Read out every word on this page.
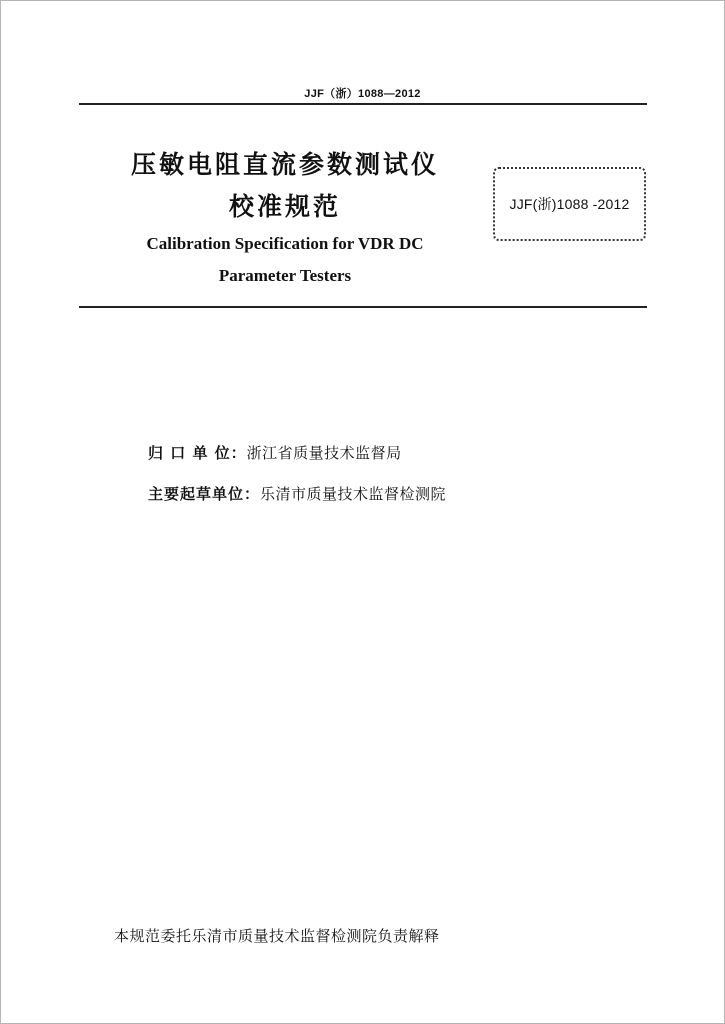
JJF（浙）1088—2012
压敏电阻直流参数测试仪
校准规范
Calibration Specification for VDR DC
Parameter Testers
JJF(浙)1088 -2012
归 口 单 位：浙江省质量技术监督局
主要起草单位：乐清市质量技术监督检测院
本规范委托乐清市质量技术监督检测院负责解释
